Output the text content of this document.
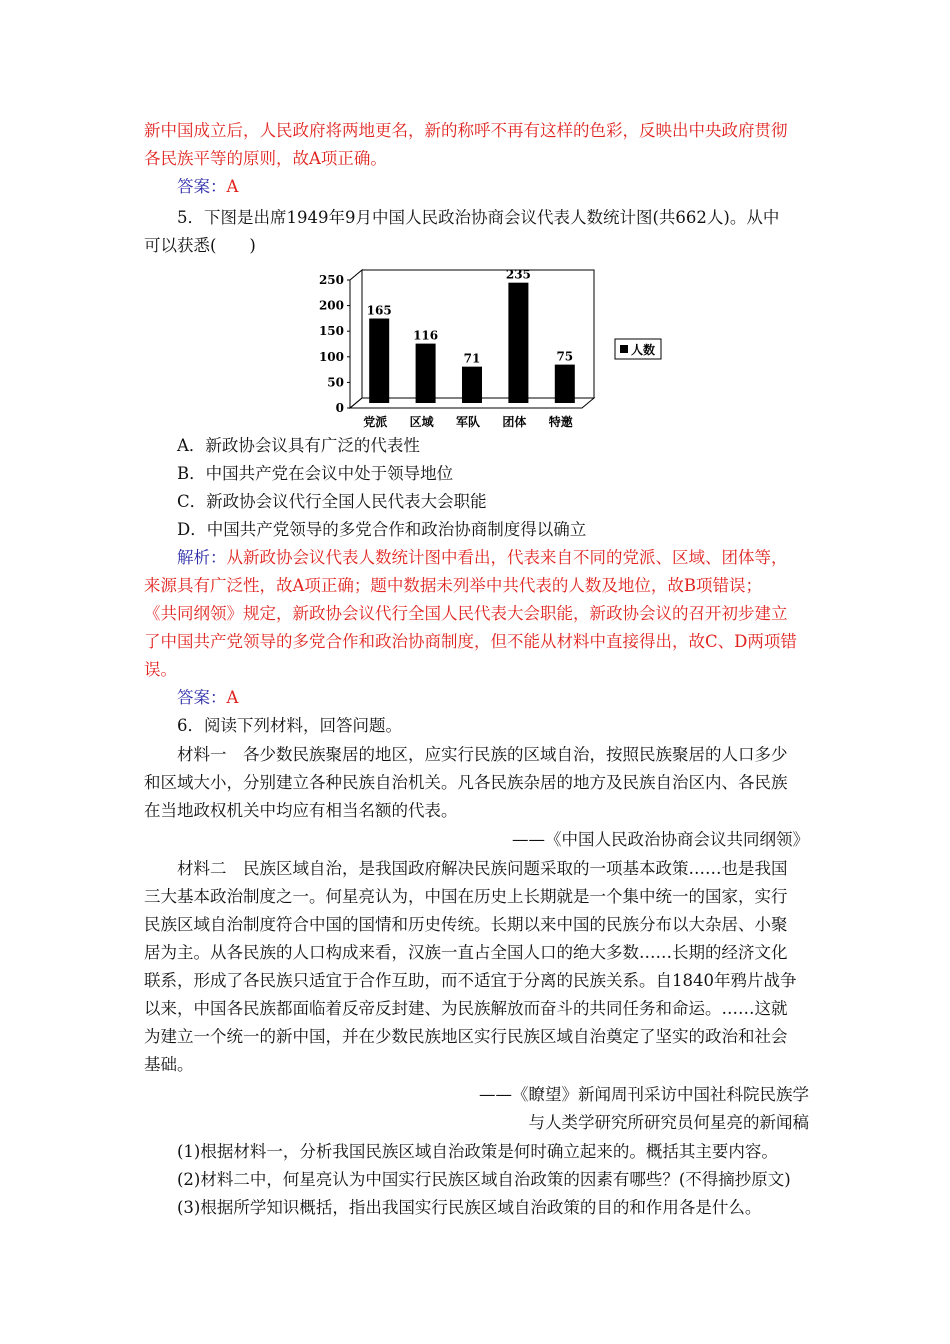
新中国成立后，人民政府将两地更名，新的称呼不再有这样的色彩，反映出中央政府贯彻
各民族平等的原则，故A项正确。
答案：A
5．下图是出席1949年9月中国人民政治协商会议代表人数统计图(共662人)。从中
可以获悉(　　)
250
200
150
100
50
0
165
党派
116
区域
71
军队
235
团体
75
特邀
人数
A．新政协会议具有广泛的代表性
B．中国共产党在会议中处于领导地位
C．新政协会议代行全国人民代表大会职能
D．中国共产党领导的多党合作和政治协商制度得以确立
解析：从新政协会议代表人数统计图中看出，代表来自不同的党派、区域、团体等，
来源具有广泛性，故A项正确；题中数据未列举中共代表的人数及地位，故B项错误；
《共同纲领》规定，新政协会议代行全国人民代表大会职能，新政协会议的召开初步建立
了中国共产党领导的多党合作和政治协商制度，但不能从材料中直接得出，故C、D两项错
误。
答案：A
6．阅读下列材料，回答问题。
材料一　各少数民族聚居的地区，应实行民族的区域自治，按照民族聚居的人口多少
和区域大小，分别建立各种民族自治机关。凡各民族杂居的地方及民族自治区内、各民族
在当地政权机关中均应有相当名额的代表。
——《中国人民政治协商会议共同纲领》
材料二　民族区域自治，是我国政府解决民族问题采取的一项基本政策……也是我国
三大基本政治制度之一。何星亮认为，中国在历史上长期就是一个集中统一的国家，实行
民族区域自治制度符合中国的国情和历史传统。长期以来中国的民族分布以大杂居、小聚
居为主。从各民族的人口构成来看，汉族一直占全国人口的绝大多数……长期的经济文化
联系，形成了各民族只适宜于合作互助，而不适宜于分离的民族关系。自1840年鸦片战争
以来，中国各民族都面临着反帝反封建、为民族解放而奋斗的共同任务和命运。……这就
为建立一个统一的新中国，并在少数民族地区实行民族区域自治奠定了坚实的政治和社会
基础。
——《瞭望》新闻周刊采访中国社科院民族学
与人类学研究所研究员何星亮的新闻稿
(1)根据材料一，分析我国民族区域自治政策是何时确立起来的。概括其主要内容。
(2)材料二中，何星亮认为中国实行民族区域自治政策的因素有哪些？(不得摘抄原文)
(3)根据所学知识概括，指出我国实行民族区域自治政策的目的和作用各是什么。
